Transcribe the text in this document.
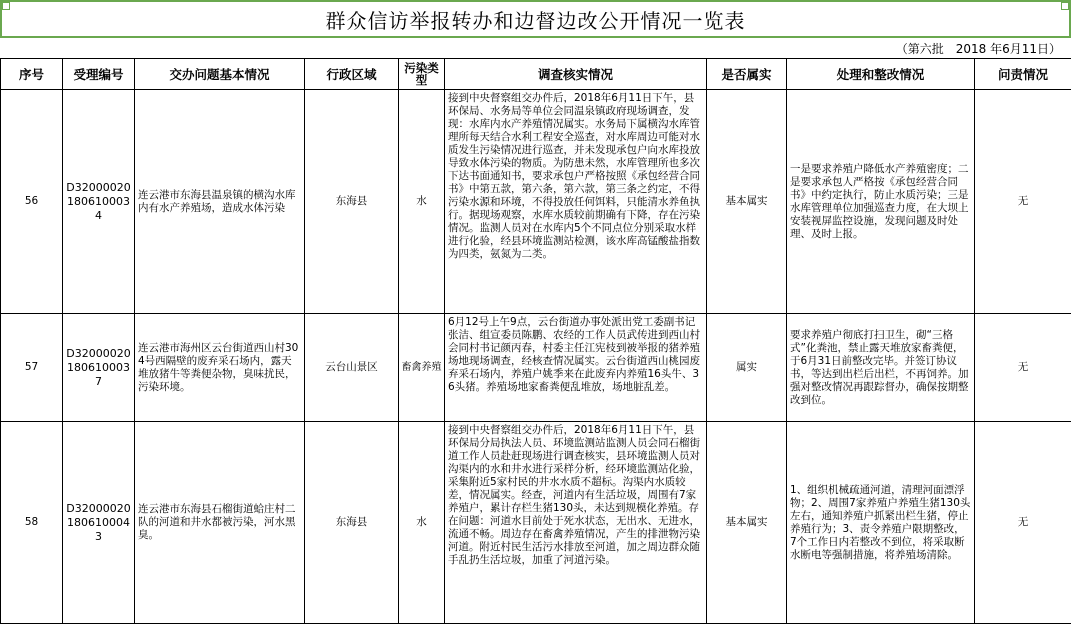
群众信访举报转办和边督边改公开情况一览表
（第六批　2018 年6月11日）
序号	受理编号	交办问题基本情况	行政区域	污染类型	调查核实情况	是否属实	处理和整改情况	问责情况
56	D320000201806100034	连云港市东海县温泉镇的横沟水库内有水产养殖场，造成水体污染	东海县	水	接到中央督察组交办件后，2018年6月11日下午，县环保局、水务局等单位会同温泉镇政府现场调查，发现：水库内水产养殖情况属实。水务局下属横沟水库管理所每天结合水利工程安全巡查，对水库周边可能对水质发生污染情况进行巡查，并未发现承包户向水库投放导致水体污染的物质。为防患未然，水库管理所也多次下达书面通知书，要求承包户严格按照《承包经营合同书》中第五款，第六条，第六款，第三条之约定，不得污染水源和环境，不得投放任何饵料，只能清水养鱼执行。据现场观察，水库水质较前期确有下降，存在污染情况。监测人员对在水库内5个不同点位分别采取水样进行化验，经县环境监测站检测，该水库高锰酸盐指数为四类，氨氮为二类。	基本属实	一是要求养殖户降低水产养殖密度；二是要求承包人严格按《承包经营合同书》中约定执行，防止水质污染；三是水库管理单位加强巡查力度，在大坝上安装视屏监控设施，发现问题及时处理、及时上报。	无
57	D320000201806100037	连云港市海州区云台街道西山村304号西隔壁的废弃采石场内，露天堆放猪牛等粪便杂物，臭味扰民，污染环境。	云台山景区	畜禽养殖	6月12号上午9点，云台街道办事处派出党工委副书记张洁、组宣委员陈鹏、农经的工作人员武传进到西山村会同村书记颜丙春，村委主任江宪枝到被举报的猪养殖场地现场调查，经核查情况属实。云台街道西山桃园废弃采石场内，养殖户姚季来在此废弃内养殖16头牛、36头猪。养殖场地家畜粪便乱堆放，场地脏乱差。	属实	要求养殖户彻底打扫卫生，砌“三格式”化粪池，禁止露天堆放家畜粪便，于6月31日前整改完毕。并签订协议书，等达到出栏后出栏，不再饲养。加强对整改情况再跟踪督办，确保按期整改到位。	无
58	D320000201806100043	连云港市东海县石榴街道蛤庄村二队的河道和井水都被污染，河水黑臭。	东海县	水	接到中央督察组交办件后，2018年6月11日下午，县环保局分局执法人员、环境监测站监测人员会同石榴街道工作人员赴赶现场进行调查核实，县环境监测人员对沟渠内的水和井水进行采样分析，经环境监测站化验，采集附近5家村民的井水水质不超标。沟渠内水质较差，情况属实。经查，河道内有生活垃圾，周围有7家养殖户，累计存栏生猪130头，未达到规模化养殖。存在问题：河道水目前处于死水状态，无出水、无进水，流通不畅。周边存在畜禽养殖情况，产生的排泄物污染河道。附近村民生活污水排放至河道，加之周边群众随手乱扔生活垃圾，加重了河道污染。	基本属实	1、组织机械疏通河道，清理河面漂浮物；2、周围7家养殖户养殖生猪130头左右，通知养殖户抓紧出栏生猪，停止养殖行为；3、责令养殖户限期整改，7个工作日内若整改不到位，将采取断水断电等强制措施，将养殖场清除。	无
